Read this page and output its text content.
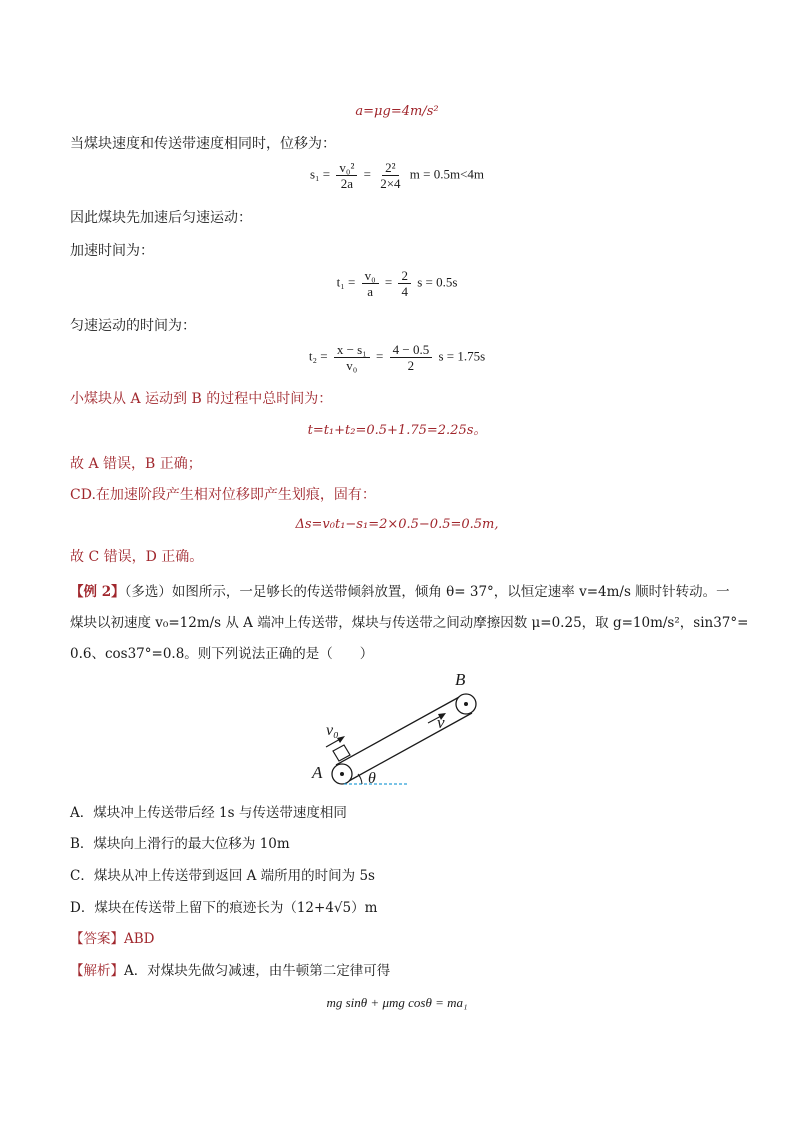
a=μg=4m/s²
当煤块速度和传送带速度相同时，位移为：
$s_1 = \frac{\text{v₀²}}{2a} = \frac{\text{2²}}{2\times 4}$ m = 0.5m<4m
因此煤块先加速后匀速运动：
加速时间为：
$t_1 = \frac{\text{v₀}}{a} = \frac{2}{4}$ s = 0.5s
匀速运动的时间为：
$t_2 = \frac{\text{x − s₁}}{\text{v₀}} = \frac{4 - 0.5}{2}$ s = 1.75s
小煤块从 A 运动到 B 的过程中总时间为：
t=t₁+t₂=0.5+1.75=2.25s。
故 A 错误，B 正确；
CD.在加速阶段产生相对位移即产生划痕，固有：
Δs=v₀t₁−s₁=2×0.5−0.5=0.5m,
故 C 错误，D 正确。
【例 2】（多选）如图所示，一足够长的传送带倾斜放置，倾角 θ= 37°，以恒定速率 v=4m/s 顺时针转动。一
煤块以初速度 v₀=12m/s 从 A 端冲上传送带，煤块与传送带之间动摩擦因数 μ=0.25，取 g=10m/s²，sin37°=
0.6、cos37°=0.8。则下列说法正确的是（　　）
B
A
v₀	v
θ
A．煤块冲上传送带后经 1s 与传送带速度相同
B．煤块向上滑行的最大位移为 10m
C．煤块从冲上传送带到返回 A 端所用的时间为 5s
D．煤块在传送带上留下的痕迹长为（12+4√5）m
【答案】ABD
【解析】A．对煤块先做匀减速，由牛顿第二定律可得
mg sinθ + μmg cosθ = ma₁
